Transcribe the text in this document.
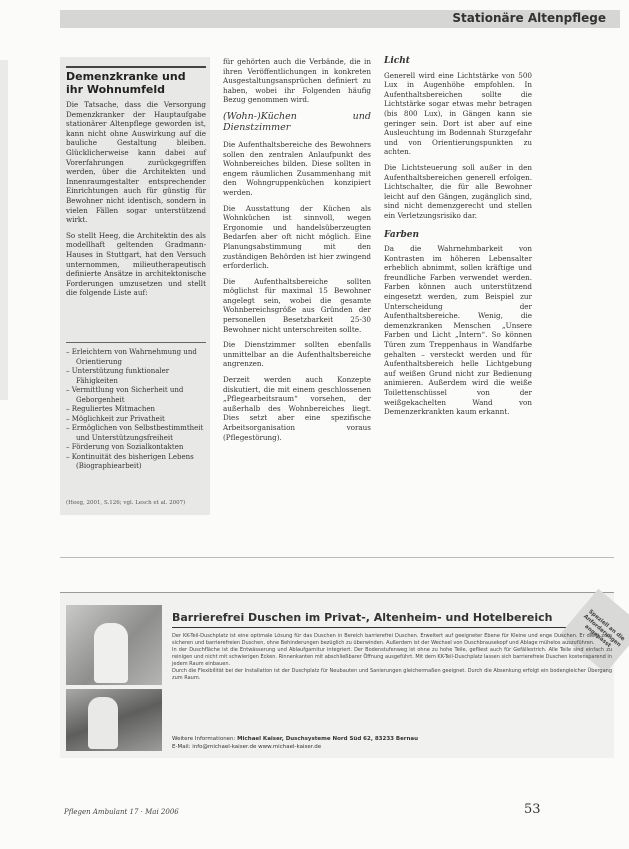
Stationäre Altenpflege
Demenzkranke und ihr Wohnumfeld

Die Tatsache, dass die Versorgung Demenzkranker der Hauptaufgabe stationärer Altenpflege geworden ist, kann nicht ohne Auswirkung auf die bauliche Gestaltung bleiben. Glücklicherweise kann dabei auf Vorerfahrungen zurückgegriffen werden, über die Architekten und Innenraumgestalter entsprechender Einrichtungen auch für günstig für Bewohner nicht identisch, sondern in vielen Fällen sogar unterstützend wirkt.

So stellt Heeg, die Architektin des als modellhaft geltenden Gradmann-Hauses in Stuttgart, hat den Versuch unternommen, milieutherapeutisch definierte Ansätze in architektonische Forderungen umzusetzen und stellt die folgende Liste auf:

– Erleichtern von Wahrnehmung und Orientierung
– Unterstützung funktionaler Fähigkeiten
– Vermittlung von Sicherheit und Geborgenheit
– Reguliertes Mitmachen
– Möglichkeit zur Privatheit
– Ermöglichen von Selbstbestimmtheit und Unterstützungsfreiheit
– Förderung von Sozialkontakten
– Kontinuität des bisherigen Lebens (Biographiearbeit)
(Heeg, 2001, S.126; vgl. Lesch et al. 2007)

für gehörten auch die Verbände, die in ihren Veröffentlichungen in konkreten Ausgestaltungsansprüchen definiert zu haben, wobei ihr Folgenden häufig Bezug genommen wird.

(Wohn-)Küchen und Dienstzimmer

Die Aufenthaltsbereiche des Bewohners sollen den zentralen Anlaufpunkt des Wohnbereiches bilden. Diese sollten in engem räumlichen Zusammenhang mit den Wohngruppenküchen konzipiert werden.

Die Ausstattung der Küchen als Wohnküchen ist sinnvoll, wegen Ergonomie und handelsüberzeugten Bedarfen aber oft nicht möglich. Eine Planungsabstimmung mit den zuständigen Behörden ist hier zwingend erforderlich.

Die Aufenthaltsbereiche sollten möglichst für maximal 15 Bewohner angelegt sein, wobei die gesamte Wohnbereichsgröße aus Gründen der personellen Besetzbarkeit 25-30 Bewohner nicht unterschreiten sollte.

Die Dienstzimmer sollten ebenfalls unmittelbar an die Aufenthaltsbereiche angrenzen.

Derzeit werden auch Konzepte diskutiert, die mit einem geschlossenen „Pflegearbeitsraum“ vorsehen, der außerhalb des Wohnbereiches liegt. Dies setzt aber eine spezifische Arbeitsorganisation voraus (Pflegestörung).

Licht

Generell wird eine Lichtstärke von 500 Lux in Augenhöhe empfohlen. In Aufenthaltsbereichen sollte die Lichtstärke sogar etwas mehr betragen (bis 800 Lux), in Gängen kann sie geringer sein. Dort ist aber auf eine Ausleuchtung im Bodennah Sturzgefahr und von Orientierungspunkten zu achten.

Die Lichtsteuerung soll außer in den Aufenthaltsbereichen generell erfolgen. Lichtschalter, die für alle Bewohner leicht auf den Gängen, zugänglich sind, sind nicht demenzgerecht und stellen ein Verletzungsrisiko dar.

Farben

Da die Wahrnehmbarkeit von Kontrasten im höheren Lebensalter erheblich abnimmt, sollen kräftige und freundliche Farben verwendet werden. Farben können auch unterstützend eingesetzt werden, zum Beispiel zur Unterscheidung der Aufenthaltsbereiche. Wenig, die demenzkranken Menschen „Unsere Farben und Licht „Intern“. So können Türen zum Treppenhaus in Wandfarbe gehalten – versteckt werden und für Aufenthaltsbereich helle Lichtgebung auf weißen Grund nicht zur Bedienung animieren. Außerdem wird die weiße Toilettenschüssel von der weißgekachelten Wand von Demenzerkrankten kaum erkannt.

Barrierefrei Duschen im Privat-, Altenheim- und Hotelbereich	Speziell an die Anforderungen angepasst
Der KK-Teil-Duschplatz ist eine optimale Lösung für das Duschen in Bereich barrierefrei Duschen. Erweitert auf geeigneter Ebene für Kleine und enge Duschen. Er dient zum sicheren und barrierefreien Duschen, ohne Behinderungen bezüglich zu überwinden. Außerdem ist der Wechsel von Duschbrausekopf und Ablage mühelos auszuführen.
In der Duschfläche ist die Entwässerung und Ablaufgarnitur integriert. Der Bodenstufenweg ist ohne zu hohe Teile, gefliest auch für Gefällestrich. Alle Teile sind einfach zu reinigen und nicht mit schwierigen Ecken. Rinnenkanten mit abschließbarer Öffnung ausgeführt. Mit dem KK-Teil-Duschplatz lassen sich barrierefreie Duschen kostensparend in jedem Raum einbauen.
Durch die Flexibilität bei der Installation ist der Duschplatz für Neubauten und Sanierungen gleichermaßen geeignet. Durch die Absenkung erfolgt ein bodengleicher Übergang zum Raum.
Weitere Informationen: Michael Kaiser, Duschsysteme Nord Süd 62, 83233 Bernau
E-Mail: info@michael-kaiser.de www.michael-kaiser.de
Pflegen Ambulant 17 · Mai 2006	53
